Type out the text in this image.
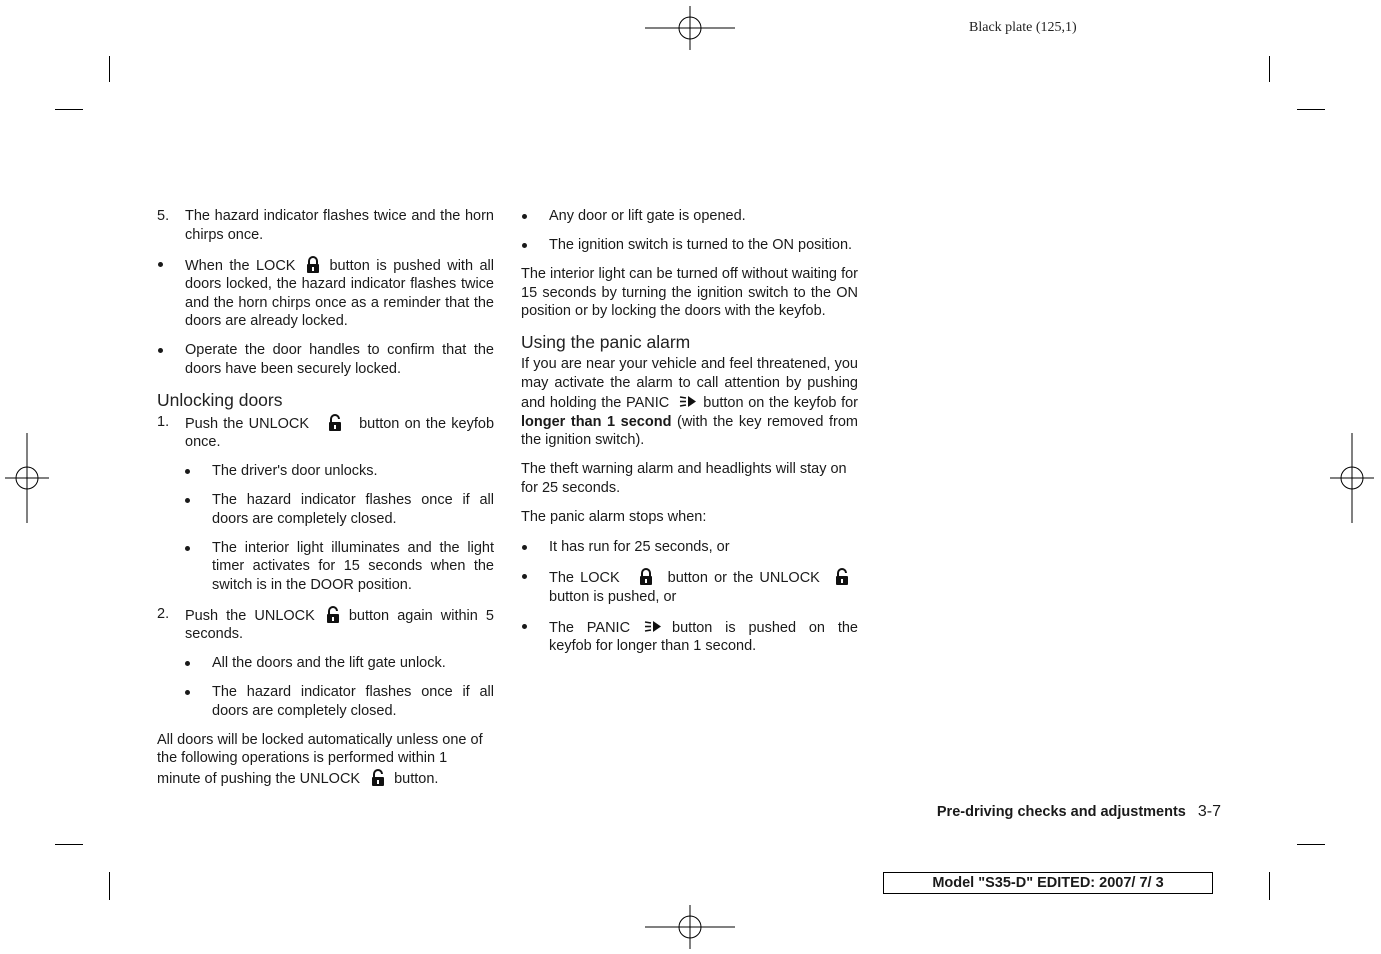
Black plate (125,1)
5. The hazard indicator flashes twice and the horn chirps once.
When the LOCK button is pushed with all doors locked, the hazard indicator flashes twice and the horn chirps once as a reminder that the doors are already locked.
Operate the door handles to confirm that the doors have been securely locked.
Unlocking doors
1. Push the UNLOCK	button on the keyfob once.
The driver's door unlocks.
The hazard indicator flashes once if all doors are completely closed.
The interior light illuminates and the light timer activates for 15 seconds when the switch is in the DOOR position.
2. Push the UNLOCK button again within 5 seconds.
All the doors and the lift gate unlock.
The hazard indicator flashes once if all doors are completely closed.

All doors will be locked automatically unless one of the following operations is performed within 1 minute of pushing the UNLOCK button.

Any door or lift gate is opened.
The ignition switch is turned to the ON position.

The interior light can be turned off without waiting for 15 seconds by turning the ignition switch to the ON position or by locking the doors with the keyfob.

Using the panic alarm

If you are near your vehicle and feel threatened, you may activate the alarm to call attention by pushing and holding the PANIC button on the keyfob for longer than 1 second (with the key removed from the ignition switch).

The theft warning alarm and headlights will stay on for 25 seconds.

The panic alarm stops when:

It has run for 25 seconds, or
The LOCK	button or the UNLOCK
button is pushed, or
The PANIC	button is pushed on the keyfob for longer than 1 second.
Pre-driving checks and adjustments 3-7
Model "S35-D" EDITED: 2007/ 7/ 3
